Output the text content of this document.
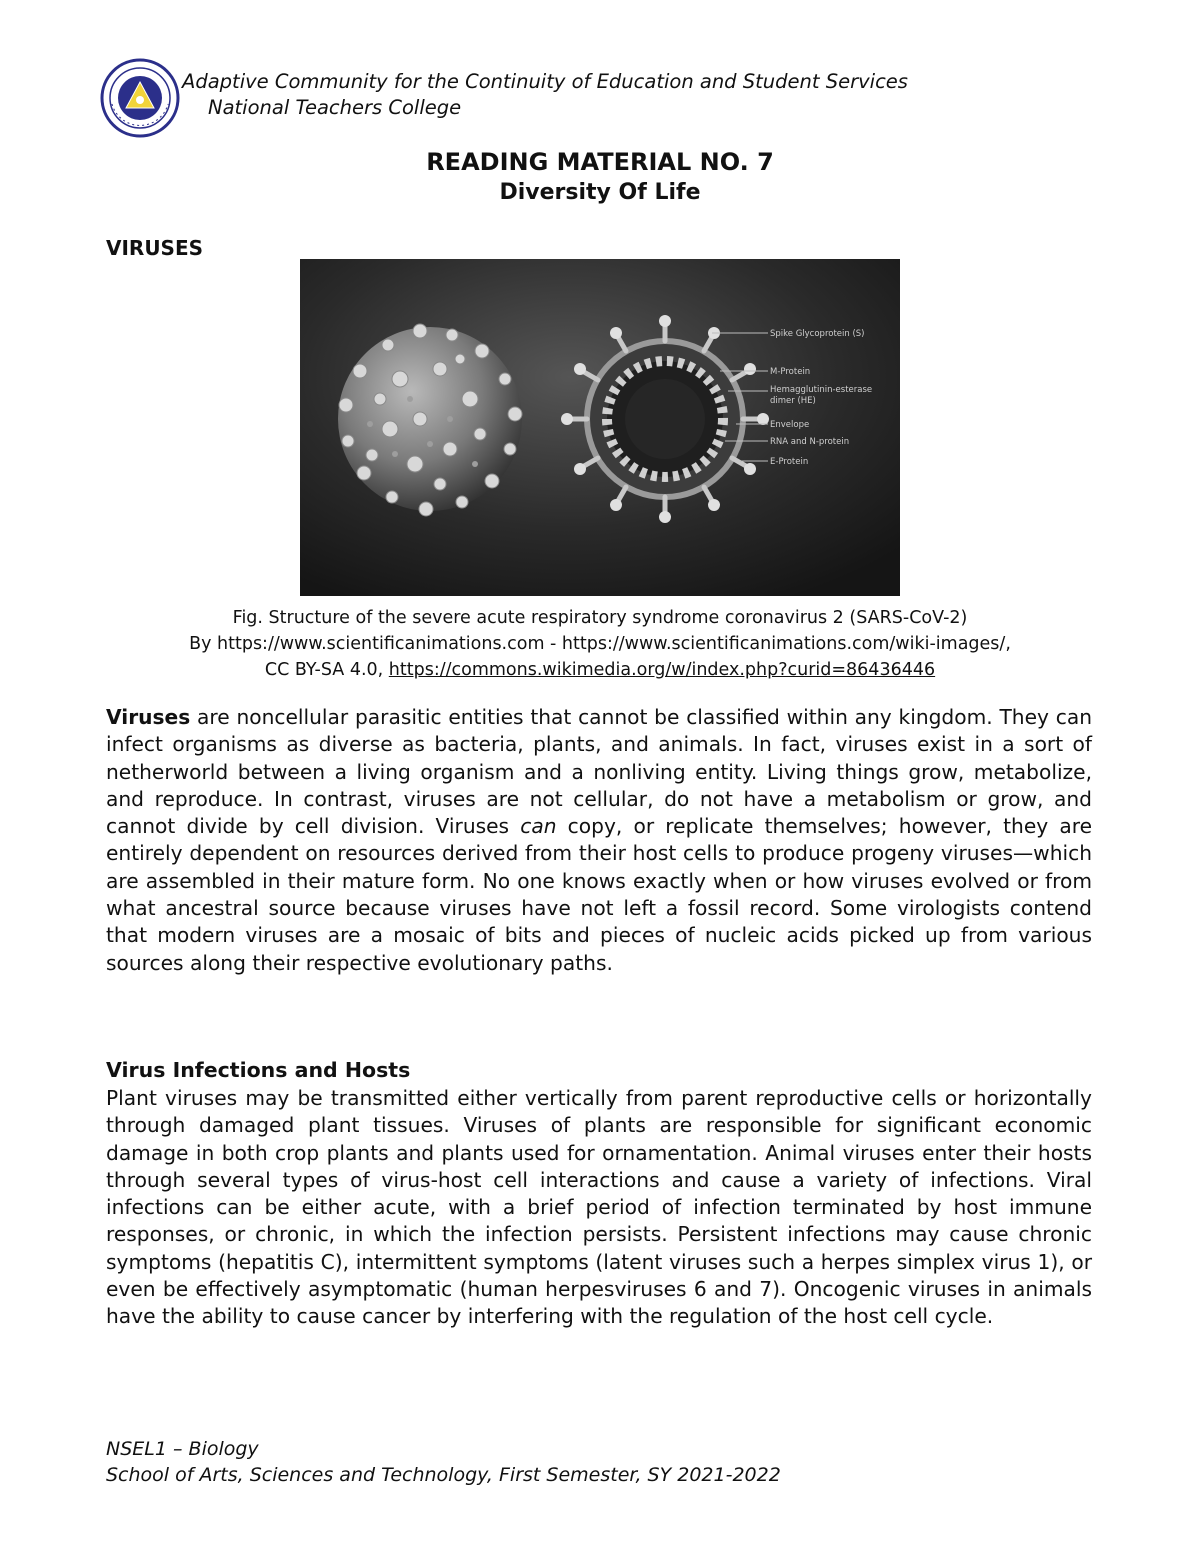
Adaptive Community for the Continuity of Education and Student Services
National Teachers College
READING MATERIAL NO. 7
Diversity Of Life
VIRUSES
Spike Glycoprotein (S)
M-Protein
Hemagglutinin-esterase
dimer (HE)
Envelope
RNA and N-protein
E-Protein
Fig. Structure of the severe acute respiratory syndrome coronavirus 2 (SARS-CoV-2)
By https://www.scientificanimations.com - https://www.scientificanimations.com/wiki-images/,
CC BY-SA 4.0, https://commons.wikimedia.org/w/index.php?curid=86436446
Viruses are noncellular parasitic entities that cannot be classified within any kingdom. They can infect organisms as diverse as bacteria, plants, and animals. In fact, viruses exist in a sort of netherworld between a living organism and a nonliving entity. Living things grow, metabolize, and reproduce. In contrast, viruses are not cellular, do not have a metabolism or grow, and cannot divide by cell division. Viruses can copy, or replicate themselves; however, they are entirely dependent on resources derived from their host cells to produce progeny viruses—which are assembled in their mature form. No one knows exactly when or how viruses evolved or from what ancestral source because viruses have not left a fossil record. Some virologists contend that modern viruses are a mosaic of bits and pieces of nucleic acids picked up from various sources along their respective evolutionary paths.
Virus Infections and Hosts
Plant viruses may be transmitted either vertically from parent reproductive cells or horizontally through damaged plant tissues. Viruses of plants are responsible for significant economic damage in both crop plants and plants used for ornamentation. Animal viruses enter their hosts through several types of virus-host cell interactions and cause a variety of infections. Viral infections can be either acute, with a brief period of infection terminated by host immune responses, or chronic, in which the infection persists. Persistent infections may cause chronic symptoms (hepatitis C), intermittent symptoms (latent viruses such a herpes simplex virus 1), or even be effectively asymptomatic (human herpesviruses 6 and 7). Oncogenic viruses in animals have the ability to cause cancer by interfering with the regulation of the host cell cycle.
NSEL1 – Biology
School of Arts, Sciences and Technology, First Semester, SY 2021-2022
